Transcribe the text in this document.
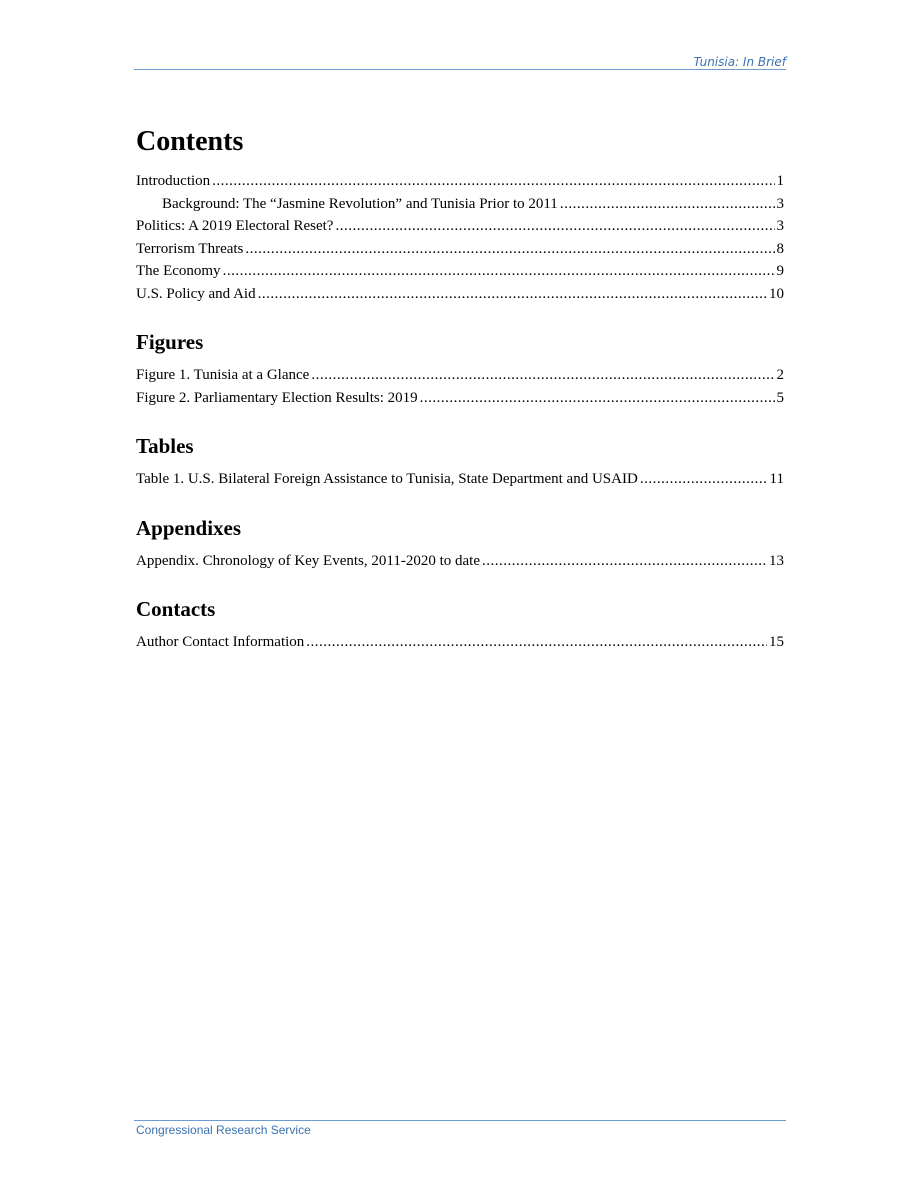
Tunisia: In Brief
Contents
Introduction .....	1
Background: The “Jasmine Revolution” and Tunisia Prior to 2011 .....	3
Politics: A 2019 Electoral Reset? .....	3
Terrorism Threats .....	8
The Economy .....	9
U.S. Policy and Aid .....	10
Figures
Figure 1. Tunisia at a Glance .....	2
Figure 2. Parliamentary Election Results: 2019 .....	5
Tables
Table 1. U.S. Bilateral Foreign Assistance to Tunisia, State Department and USAID .....	11
Appendixes
Appendix. Chronology of Key Events, 2011-2020 to date .....	13
Contacts
Author Contact Information .....	15
Congressional Research Service
